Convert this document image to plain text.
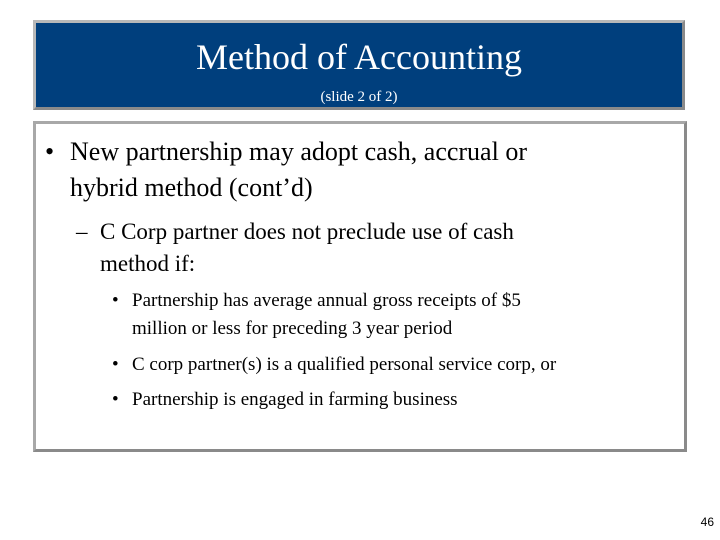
Method of Accounting
(slide 2 of 2)
• New partnership may adopt cash, accrual or
hybrid method (cont’d)
– C Corp partner does not preclude use of cash
method if:
• Partnership has average annual gross receipts of $5
million or less for preceding 3 year period
• C corp partner(s) is a qualified personal service corp, or
• Partnership is engaged in farming business
46
